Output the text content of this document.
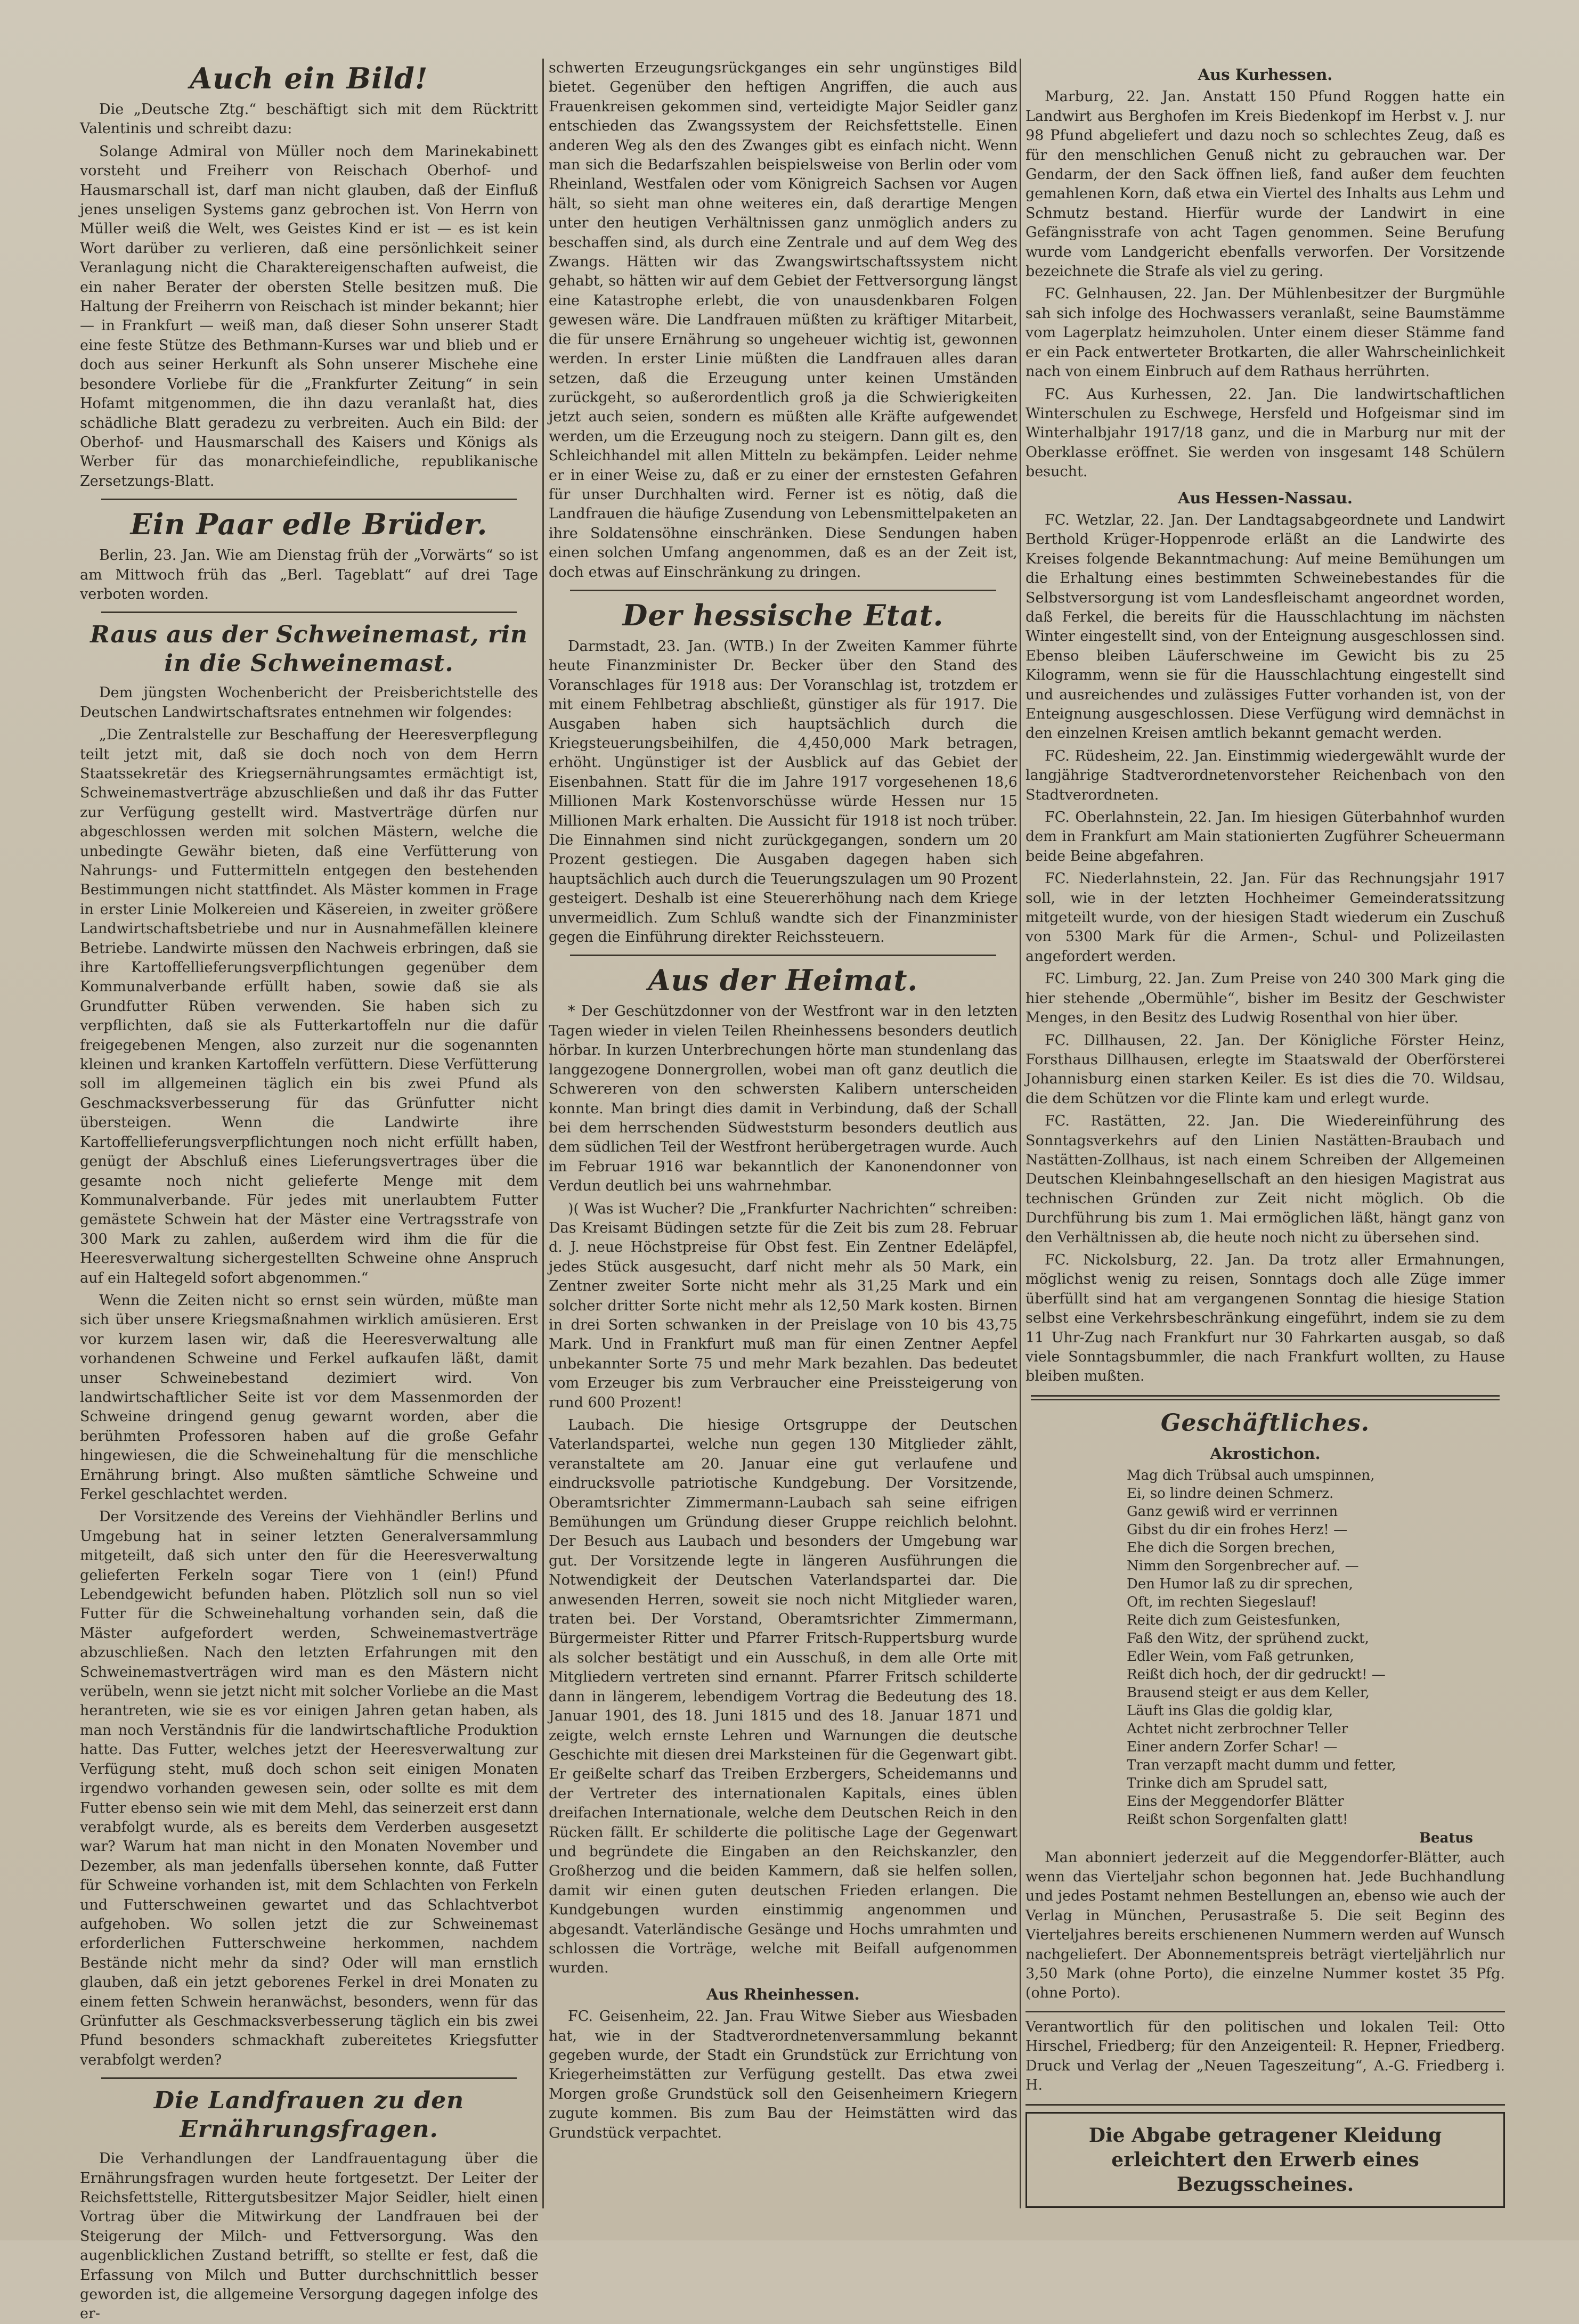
Auch ein Bild!

Die „Deutsche Ztg.“ beschäftigt sich mit dem Rücktritt Valentinis und schreibt dazu:

Solange Admiral von Müller noch dem Marinekabinett vorsteht und Freiherr von Reischach Oberhof- und Hausmarschall ist, darf man nicht glauben, daß der Einfluß jenes unseligen Systems ganz gebrochen ist. Von Herrn von Müller weiß die Welt, wes Geistes Kind er ist — es ist kein Wort darüber zu verlieren, daß eine persönlichkeit seiner Veranlagung nicht die Charaktereigenschaften aufweist, die ein naher Berater der obersten Stelle besitzen muß. Die Haltung der Freiherrn von Reischach ist minder bekannt; hier — in Frankfurt — weiß man, daß dieser Sohn unserer Stadt eine feste Stütze des Bethmann-Kurses war und blieb und er doch aus seiner Herkunft als Sohn unserer Mischehe eine besondere Vorliebe für die „Frankfurter Zeitung“ in sein Hofamt mitgenommen, die ihn dazu veranlaßt hat, dies schädliche Blatt geradezu zu verbreiten. Auch ein Bild: der Oberhof- und Hausmarschall des Kaisers und Königs als Werber für das monarchiefeindliche, republikanische Zersetzungs-Blatt.

Ein Paar edle Brüder.

Berlin, 23. Jan. Wie am Dienstag früh der „Vorwärts“ so ist am Mittwoch früh das „Berl. Tageblatt“ auf drei Tage verboten worden.

Raus aus der Schweinemast, rin in die Schweinemast.

Dem jüngsten Wochenbericht der Preisberichtstelle des Deutschen Landwirtschaftsrates entnehmen wir folgendes:

„Die Zentralstelle zur Beschaffung der Heeresverpflegung teilt jetzt mit, daß sie doch noch von dem Herrn Staatssekretär des Kriegsernährungsamtes ermächtigt ist, Schweinemastverträge abzuschließen und daß ihr das Futter zur Verfügung gestellt wird. Mastverträge dürfen nur abgeschlossen werden mit solchen Mästern, welche die unbedingte Gewähr bieten, daß eine Verfütterung von Nahrungs- und Futtermitteln entgegen den bestehenden Bestimmungen nicht stattfindet. Als Mäster kommen in Frage in erster Linie Molkereien und Käsereien, in zweiter größere Landwirtschaftsbetriebe und nur in Ausnahmefällen kleinere Betriebe. Landwirte müssen den Nachweis erbringen, daß sie ihre Kartoffellieferungsverpflichtungen gegenüber dem Kommunalverbande erfüllt haben, sowie daß sie als Grundfutter Rüben verwenden. Sie haben sich zu verpflichten, daß sie als Futterkartoffeln nur die dafür freigegebenen Mengen, also zurzeit nur die sogenannten kleinen und kranken Kartoffeln verfüttern. Diese Verfütterung soll im allgemeinen täglich ein bis zwei Pfund als Geschmacksverbesserung für das Grünfutter nicht übersteigen. Wenn die Landwirte ihre Kartoffellieferungsverpflichtungen noch nicht erfüllt haben, genügt der Abschluß eines Lieferungsvertrages über die gesamte noch nicht gelieferte Menge mit dem Kommunalverbande. Für jedes mit unerlaubtem Futter gemästete Schwein hat der Mäster eine Vertragsstrafe von 300 Mark zu zahlen, außerdem wird ihm die für die Heeresverwaltung sichergestellten Schweine ohne Anspruch auf ein Haltegeld sofort abgenommen.“

Wenn die Zeiten nicht so ernst sein würden, müßte man sich über unsere Kriegsmaßnahmen wirklich amüsieren. Erst vor kurzem lasen wir, daß die Heeresverwaltung alle vorhandenen Schweine und Ferkel aufkaufen läßt, damit unser Schweinebestand dezimiert wird. Von landwirtschaftlicher Seite ist vor dem Massenmorden der Schweine dringend genug gewarnt worden, aber die berühmten Professoren haben auf die große Gefahr hingewiesen, die die Schweinehaltung für die menschliche Ernährung bringt. Also mußten sämtliche Schweine und Ferkel geschlachtet werden.

Der Vorsitzende des Vereins der Viehhändler Berlins und Umgebung hat in seiner letzten Generalversammlung mitgeteilt, daß sich unter den für die Heeresverwaltung gelieferten Ferkeln sogar Tiere von 1 (ein!) Pfund Lebendgewicht befunden haben. Plötzlich soll nun so viel Futter für die Schweinehaltung vorhanden sein, daß die Mäster aufgefordert werden, Schweinemastverträge abzuschließen. Nach den letzten Erfahrungen mit den Schweinemastverträgen wird man es den Mästern nicht verübeln, wenn sie jetzt nicht mit solcher Vorliebe an die Mast herantreten, wie sie es vor einigen Jahren getan haben, als man noch Verständnis für die landwirtschaftliche Produktion hatte. Das Futter, welches jetzt der Heeresverwaltung zur Verfügung steht, muß doch schon seit einigen Monaten irgendwo vorhanden gewesen sein, oder sollte es mit dem Futter ebenso sein wie mit dem Mehl, das seinerzeit erst dann verabfolgt wurde, als es bereits dem Verderben ausgesetzt war? Warum hat man nicht in den Monaten November und Dezember, als man jedenfalls übersehen konnte, daß Futter für Schweine vorhanden ist, mit dem Schlachten von Ferkeln und Futterschweinen gewartet und das Schlachtverbot aufgehoben. Wo sollen jetzt die zur Schweinemast erforderlichen Futterschweine herkommen, nachdem Bestände nicht mehr da sind? Oder will man ernstlich glauben, daß ein jetzt geborenes Ferkel in drei Monaten zu einem fetten Schwein heranwächst, besonders, wenn für das Grünfutter als Geschmacksverbesserung täglich ein bis zwei Pfund besonders schmackhaft zubereitetes Kriegsfutter verabfolgt werden?

Die Landfrauen zu den Ernährungsfragen.

Die Verhandlungen der Landfrauentagung über die Ernährungsfragen wurden heute fortgesetzt. Der Leiter der Reichsfettstelle, Rittergutsbesitzer Major Seidler, hielt einen Vortrag über die Mitwirkung der Landfrauen bei der Steigerung der Milch- und Fettversorgung. Was den augenblicklichen Zustand betrifft, so stellte er fest, daß die Erfassung von Milch und Butter durchschnittlich besser geworden ist, die allgemeine Versorgung dagegen infolge des er-

schwerten Erzeugungsrückganges ein sehr ungünstiges Bild bietet. Gegenüber den heftigen Angriffen, die auch aus Frauenkreisen gekommen sind, verteidigte Major Seidler ganz entschieden das Zwangssystem der Reichsfettstelle. Einen anderen Weg als den des Zwanges gibt es einfach nicht. Wenn man sich die Bedarfszahlen beispielsweise von Berlin oder vom Rheinland, Westfalen oder vom Königreich Sachsen vor Augen hält, so sieht man ohne weiteres ein, daß derartige Mengen unter den heutigen Verhältnissen ganz unmöglich anders zu beschaffen sind, als durch eine Zentrale und auf dem Weg des Zwangs. Hätten wir das Zwangswirtschaftssystem nicht gehabt, so hätten wir auf dem Gebiet der Fettversorgung längst eine Katastrophe erlebt, die von unausdenkbaren Folgen gewesen wäre. Die Landfrauen müßten zu kräftiger Mitarbeit, die für unsere Ernährung so ungeheuer wichtig ist, gewonnen werden. In erster Linie müßten die Landfrauen alles daran setzen, daß die Erzeugung unter keinen Umständen zurückgeht, so außerordentlich groß ja die Schwierigkeiten jetzt auch seien, sondern es müßten alle Kräfte aufgewendet werden, um die Erzeugung noch zu steigern. Dann gilt es, den Schleichhandel mit allen Mitteln zu bekämpfen. Leider nehme er in einer Weise zu, daß er zu einer der ernstesten Gefahren für unser Durchhalten wird. Ferner ist es nötig, daß die Landfrauen die häufige Zusendung von Lebensmittelpaketen an ihre Soldatensöhne einschränken. Diese Sendungen haben einen solchen Umfang angenommen, daß es an der Zeit ist, doch etwas auf Einschränkung zu dringen.

Der hessische Etat.

Darmstadt, 23. Jan. (WTB.) In der Zweiten Kammer führte heute Finanzminister Dr. Becker über den Stand des Voranschlages für 1918 aus: Der Voranschlag ist, trotzdem er mit einem Fehlbetrag abschließt, günstiger als für 1917. Die Ausgaben haben sich hauptsächlich durch die Kriegsteuerungsbeihilfen, die 4,450,000 Mark betragen, erhöht. Ungünstiger ist der Ausblick auf das Gebiet der Eisenbahnen. Statt für die im Jahre 1917 vorgesehenen 18,6 Millionen Mark Kostenvorschüsse würde Hessen nur 15 Millionen Mark erhalten. Die Aussicht für 1918 ist noch trüber. Die Einnahmen sind nicht zurückgegangen, sondern um 20 Prozent gestiegen. Die Ausgaben dagegen haben sich hauptsächlich auch durch die Teuerungszulagen um 90 Prozent gesteigert. Deshalb ist eine Steuererhöhung nach dem Kriege unvermeidlich. Zum Schluß wandte sich der Finanzminister gegen die Einführung direkter Reichssteuern.

Aus der Heimat.

* Der Geschützdonner von der Westfront war in den letzten Tagen wieder in vielen Teilen Rheinhessens besonders deutlich hörbar. In kurzen Unterbrechungen hörte man stundenlang das langgezogene Donnergrollen, wobei man oft ganz deutlich die Schwereren von den schwersten Kalibern unterscheiden konnte. Man bringt dies damit in Verbindung, daß der Schall bei dem herrschenden Südweststurm besonders deutlich aus dem südlichen Teil der Westfront herübergetragen wurde. Auch im Februar 1916 war bekanntlich der Kanonendonner von Verdun deutlich bei uns wahrnehmbar.

)( Was ist Wucher? Die „Frankfurter Nachrichten“ schreiben: Das Kreisamt Büdingen setzte für die Zeit bis zum 28. Februar d. J. neue Höchstpreise für Obst fest. Ein Zentner Edeläpfel, jedes Stück ausgesucht, darf nicht mehr als 50 Mark, ein Zentner zweiter Sorte nicht mehr als 31,25 Mark und ein solcher dritter Sorte nicht mehr als 12,50 Mark kosten. Birnen in drei Sorten schwanken in der Preislage von 10 bis 43,75 Mark. Und in Frankfurt muß man für einen Zentner Aepfel unbekannter Sorte 75 und mehr Mark bezahlen. Das bedeutet vom Erzeuger bis zum Verbraucher eine Preissteigerung von rund 600 Prozent!

Laubach. Die hiesige Ortsgruppe der Deutschen Vaterlandspartei, welche nun gegen 130 Mitglieder zählt, veranstaltete am 20. Januar eine gut verlaufene und eindrucksvolle patriotische Kundgebung. Der Vorsitzende, Oberamtsrichter Zimmermann-Laubach sah seine eifrigen Bemühungen um Gründung dieser Gruppe reichlich belohnt. Der Besuch aus Laubach und besonders der Umgebung war gut. Der Vorsitzende legte in längeren Ausführungen die Notwendigkeit der Deutschen Vaterlandspartei dar. Die anwesenden Herren, soweit sie noch nicht Mitglieder waren, traten bei. Der Vorstand, Oberamtsrichter Zimmermann, Bürgermeister Ritter und Pfarrer Fritsch-Ruppertsburg wurde als solcher bestätigt und ein Ausschuß, in dem alle Orte mit Mitgliedern vertreten sind ernannt. Pfarrer Fritsch schilderte dann in längerem, lebendigem Vortrag die Bedeutung des 18. Januar 1901, des 18. Juni 1815 und des 18. Januar 1871 und zeigte, welch ernste Lehren und Warnungen die deutsche Geschichte mit diesen drei Marksteinen für die Gegenwart gibt. Er geißelte scharf das Treiben Erzbergers, Scheidemanns und der Vertreter des internationalen Kapitals, eines üblen dreifachen Internationale, welche dem Deutschen Reich in den Rücken fällt. Er schilderte die politische Lage der Gegenwart und begründete die Eingaben an den Reichskanzler, den Großherzog und die beiden Kammern, daß sie helfen sollen, damit wir einen guten deutschen Frieden erlangen. Die Kundgebungen wurden einstimmig angenommen und abgesandt. Vaterländische Gesänge und Hochs umrahmten und schlossen die Vorträge, welche mit Beifall aufgenommen wurden.

Aus Rheinhessen.

FC. Geisenheim, 22. Jan. Frau Witwe Sieber aus Wiesbaden hat, wie in der Stadtverordnetenversammlung bekannt gegeben wurde, der Stadt ein Grundstück zur Errichtung von Kriegerheimstätten zur Verfügung gestellt. Das etwa zwei Morgen große Grundstück soll den Geisenheimern Kriegern zugute kommen. Bis zum Bau der Heimstätten wird das Grundstück verpachtet.

Aus Kurhessen.

Marburg, 22. Jan. Anstatt 150 Pfund Roggen hatte ein Landwirt aus Berghofen im Kreis Biedenkopf im Herbst v. J. nur 98 Pfund abgeliefert und dazu noch so schlechtes Zeug, daß es für den menschlichen Genuß nicht zu gebrauchen war. Der Gendarm, der den Sack öffnen ließ, fand außer dem feuchten gemahlenen Korn, daß etwa ein Viertel des Inhalts aus Lehm und Schmutz bestand. Hierfür wurde der Landwirt in eine Gefängnisstrafe von acht Tagen genommen. Seine Berufung wurde vom Landgericht ebenfalls verworfen. Der Vorsitzende bezeichnete die Strafe als viel zu gering.

FC. Gelnhausen, 22. Jan. Der Mühlenbesitzer der Burgmühle sah sich infolge des Hochwassers veranlaßt, seine Baumstämme vom Lagerplatz heimzuholen. Unter einem dieser Stämme fand er ein Pack entwerteter Brotkarten, die aller Wahrscheinlichkeit nach von einem Einbruch auf dem Rathaus herrührten.

FC. Aus Kurhessen, 22. Jan. Die landwirtschaftlichen Winterschulen zu Eschwege, Hersfeld und Hofgeismar sind im Winterhalbjahr 1917/18 ganz, und die in Marburg nur mit der Oberklasse eröffnet. Sie werden von insgesamt 148 Schülern besucht.

Aus Hessen-Nassau.

FC. Wetzlar, 22. Jan. Der Landtagsabgeordnete und Landwirt Berthold Krüger-Hoppenrode erläßt an die Landwirte des Kreises folgende Bekanntmachung: Auf meine Bemühungen um die Erhaltung eines bestimmten Schweinebestandes für die Selbstversorgung ist vom Landesfleischamt angeordnet worden, daß Ferkel, die bereits für die Hausschlachtung im nächsten Winter eingestellt sind, von der Enteignung ausgeschlossen sind. Ebenso bleiben Läuferschweine im Gewicht bis zu 25 Kilogramm, wenn sie für die Hausschlachtung eingestellt sind und ausreichendes und zulässiges Futter vorhanden ist, von der Enteignung ausgeschlossen. Diese Verfügung wird demnächst in den einzelnen Kreisen amtlich bekannt gemacht werden.

FC. Rüdesheim, 22. Jan. Einstimmig wiedergewählt wurde der langjährige Stadtverordnetenvorsteher Reichenbach von den Stadtverordneten.

FC. Oberlahnstein, 22. Jan. Im hiesigen Güterbahnhof wurden dem in Frankfurt am Main stationierten Zugführer Scheuermann beide Beine abgefahren.

FC. Niederlahnstein, 22. Jan. Für das Rechnungsjahr 1917 soll, wie in der letzten Hochheimer Gemeinderatssitzung mitgeteilt wurde, von der hiesigen Stadt wiederum ein Zuschuß von 5300 Mark für die Armen-, Schul- und Polizeilasten angefordert werden.

FC. Limburg, 22. Jan. Zum Preise von 240 300 Mark ging die hier stehende „Obermühle“, bisher im Besitz der Geschwister Menges, in den Besitz des Ludwig Rosenthal von hier über.

FC. Dillhausen, 22. Jan. Der Königliche Förster Heinz, Forsthaus Dillhausen, erlegte im Staatswald der Oberförsterei Johannisburg einen starken Keiler. Es ist dies die 70. Wildsau, die dem Schützen vor die Flinte kam und erlegt wurde.

FC. Rastätten, 22. Jan. Die Wiedereinführung des Sonntagsverkehrs auf den Linien Nastätten-Braubach und Nastätten-Zollhaus, ist nach einem Schreiben der Allgemeinen Deutschen Kleinbahngesellschaft an den hiesigen Magistrat aus technischen Gründen zur Zeit nicht möglich. Ob die Durchführung bis zum 1. Mai ermöglichen läßt, hängt ganz von den Verhältnissen ab, die heute noch nicht zu übersehen sind.

FC. Nickolsburg, 22. Jan. Da trotz aller Ermahnungen, möglichst wenig zu reisen, Sonntags doch alle Züge immer überfüllt sind hat am vergangenen Sonntag die hiesige Station selbst eine Verkehrsbeschränkung eingeführt, indem sie zu dem 11 Uhr-Zug nach Frankfurt nur 30 Fahrkarten ausgab, so daß viele Sonntagsbummler, die nach Frankfurt wollten, zu Hause bleiben mußten.

Geschäftliches.
Akrostichon.
Mag dich Trübsal auch umspinnen,
Ei, so lindre deinen Schmerz.
Ganz gewiß wird er verrinnen
Gibst du dir ein frohes Herz! —
Ehe dich die Sorgen brechen,
Nimm den Sorgenbrecher auf. —
Den Humor laß zu dir sprechen,
Oft, im rechten Siegeslauf!
Reite dich zum Geistesfunken,
Faß den Witz, der sprühend zuckt,
Edler Wein, vom Faß getrunken,
Reißt dich hoch, der dir gedruckt! —
Brausend steigt er aus dem Keller,
Läuft ins Glas die goldig klar,
Achtet nicht zerbrochner Teller
Einer andern Zorfer Schar! —
Tran verzapft macht dumm und fetter,
Trinke dich am Sprudel satt,
Eins der Meggendorfer Blätter
Reißt schon Sorgenfalten glatt!
Beatus

Man abonniert jederzeit auf die Meggendorfer-Blätter, auch wenn das Vierteljahr schon begonnen hat. Jede Buchhandlung und jedes Postamt nehmen Bestellungen an, ebenso wie auch der Verlag in München, Perusastraße 5. Die seit Beginn des Vierteljahres bereits erschienenen Nummern werden auf Wunsch nachgeliefert. Der Abonnementspreis beträgt vierteljährlich nur 3,50 Mark (ohne Porto), die einzelne Nummer kostet 35 Pfg. (ohne Porto).

Verantwortlich für den politischen und lokalen Teil: Otto Hirschel, Friedberg; für den Anzeigenteil: R. Hepner, Friedberg. Druck und Verlag der „Neuen Tageszeitung“, A.-G. Friedberg i. H.

Die Abgabe getragener Kleidung erleichtert den Erwerb eines Bezugsscheines.
